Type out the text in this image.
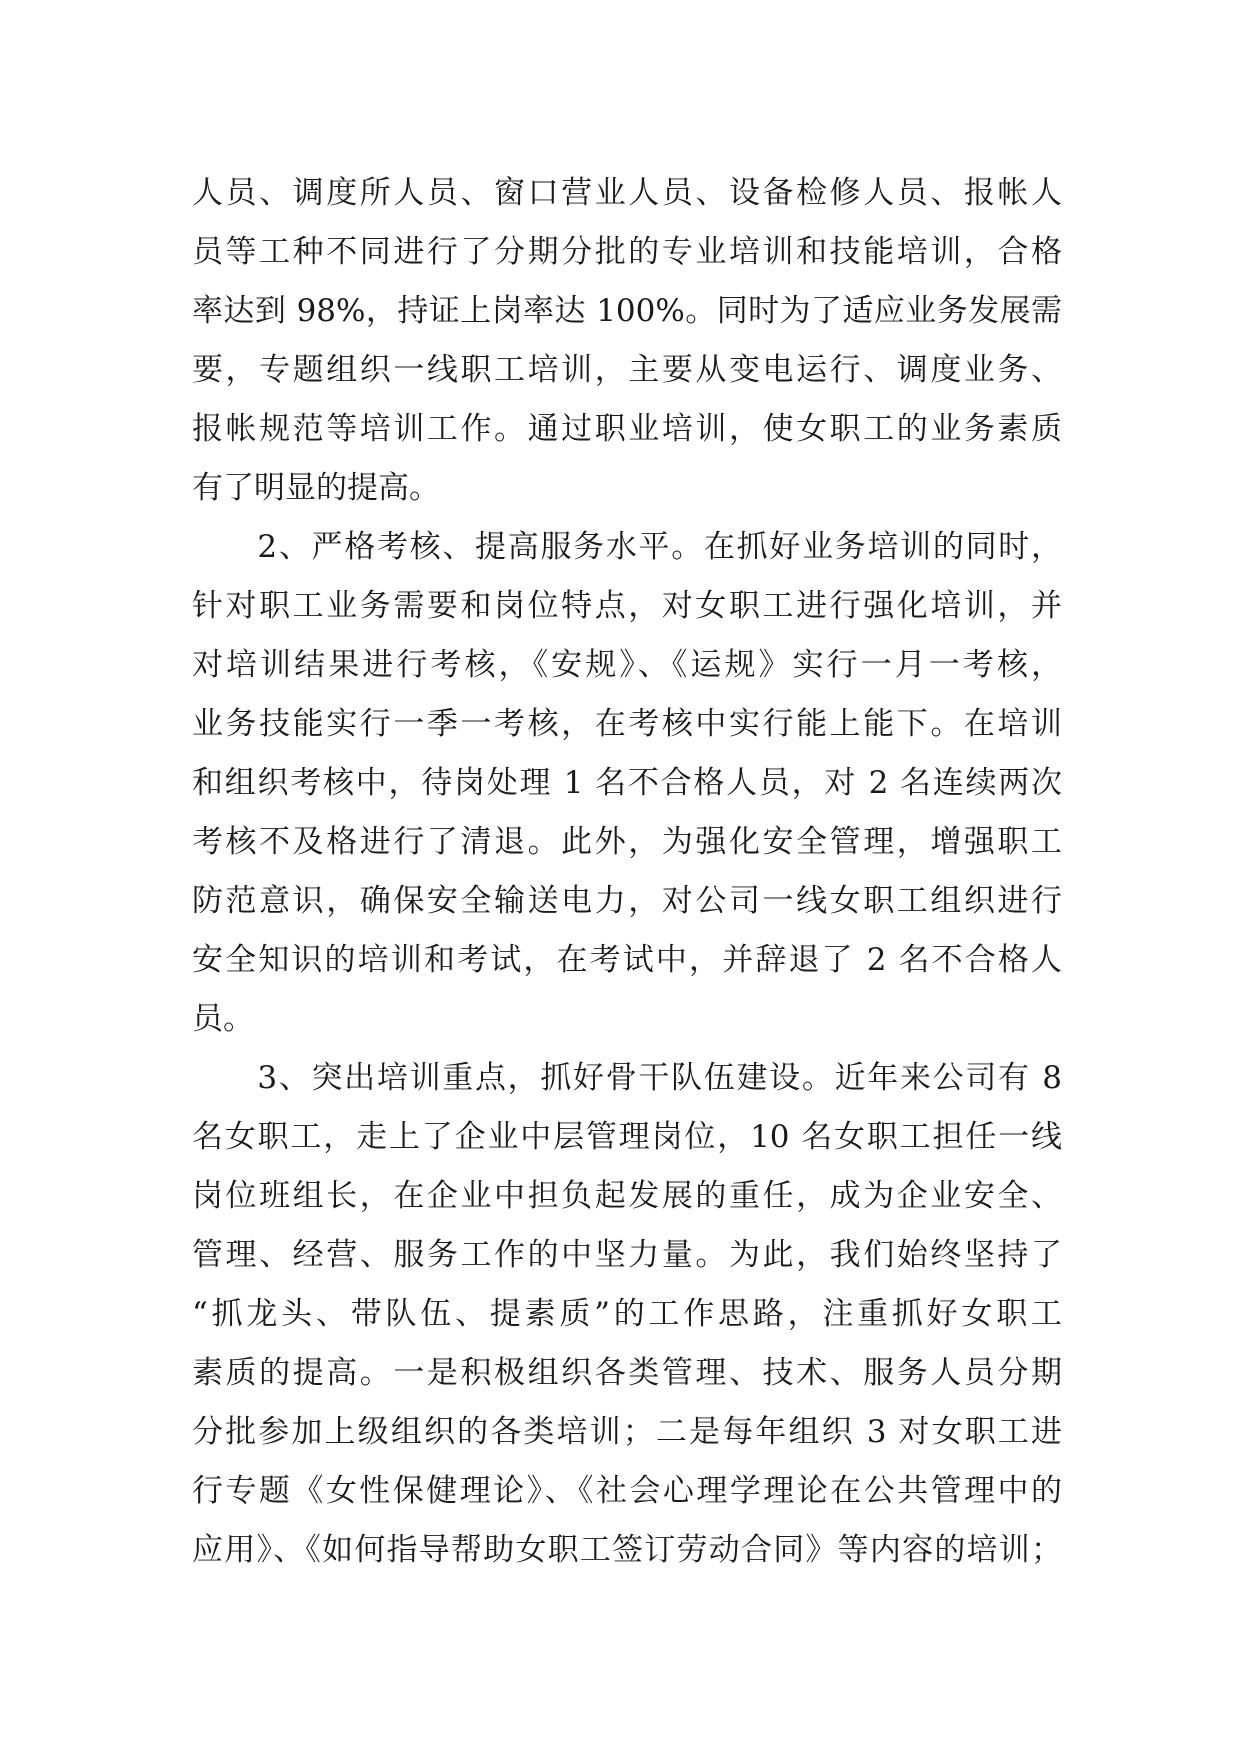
人员、调度所人员、窗口营业人员、设备检修人员、报帐人
员等工种不同进行了分期分批的专业培训和技能培训，合格
率达到 98%，持证上岗率达 100%。同时为了适应业务发展需
要，专题组织一线职工培训，主要从变电运行、调度业务、
报帐规范等培训工作。通过职业培训，使女职工的业务素质
有了明显的提高。
　　2、严格考核、提高服务水平。在抓好业务培训的同时，
针对职工业务需要和岗位特点，对女职工进行强化培训，并
对培训结果进行考核，《安规》、《运规》实行一月一考核，
业务技能实行一季一考核，在考核中实行能上能下。在培训
和组织考核中，待岗处理 1 名不合格人员，对 2 名连续两次
考核不及格进行了清退。此外，为强化安全管理，增强职工
防范意识，确保安全输送电力，对公司一线女职工组织进行
安全知识的培训和考试，在考试中，并辞退了 2 名不合格人
员。
　　3、突出培训重点，抓好骨干队伍建设。近年来公司有 8
名女职工，走上了企业中层管理岗位，10 名女职工担任一线
岗位班组长，在企业中担负起发展的重任，成为企业安全、
管理、经营、服务工作的中坚力量。为此，我们始终坚持了
“抓龙头、带队伍、提素质”的工作思路，注重抓好女职工
素质的提高。一是积极组织各类管理、技术、服务人员分期
分批参加上级组织的各类培训；二是每年组织 3 对女职工进
行专题《女性保健理论》、《社会心理学理论在公共管理中的
应用》、《如何指导帮助女职工签订劳动合同》等内容的培训；
